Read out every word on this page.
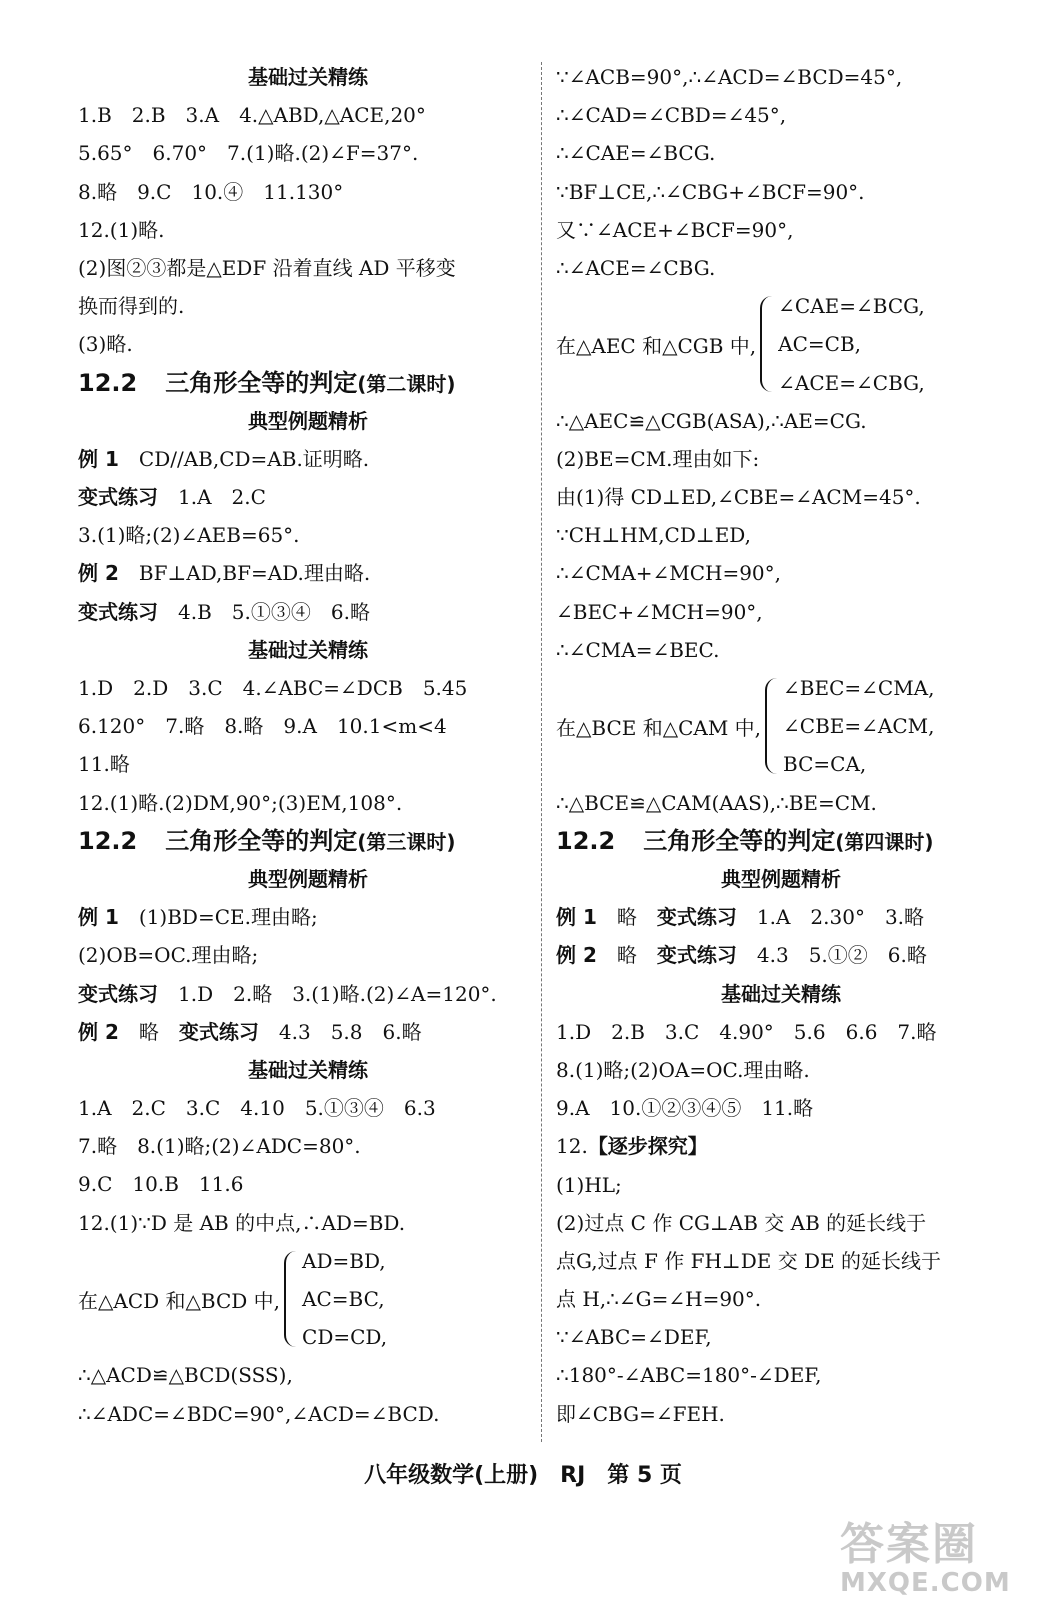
基础过关精练
1.B　2.B　3.A　4.△ABD,△ACE,20°
5.65°　6.70°　7.(1)略.(2)∠F=37°.
8.略　9.C　10.④　11.130°
12.(1)略.
(2)图②③都是△EDF 沿着直线 AD 平移变
换而得到的.
(3)略.
12.2 三角形全等的判定(第二课时)
典型例题精析
例 1　 CD//AB,CD=AB.证明略.
变式练习　 1.A　2.C
3.(1)略;(2)∠AEB=65°.
例 2　 BF⊥AD,BF=AD.理由略.
变式练习　 4.B　5.①③④　6.略
基础过关精练
1.D　2.D　3.C　4.∠ABC=∠DCB　5.45
6.120°　7.略　8.略　9.A　10.1<m<4
11.略
12.(1)略.(2)DM,90°;(3)EM,108°.
12.2 三角形全等的判定(第三课时)
典型例题精析
例 1　 (1)BD=CE.理由略;
(2)OB=OC.理由略;
变式练习　 1.D　2.略　3.(1)略.(2)∠A=120°.
例 2　 略　 变式练习　 4.3　5.8　6.略
基础过关精练
1.A　2.C　3.C　4.10　5.①③④　6.3
7.略　8.(1)略;(2)∠ADC=80°.
9.C　10.B　11.6
12.(1)∵D 是 AB 的中点,∴AD=BD.
在△ACD 和△BCD 中,
AD=BD,
AC=BC,
CD=CD,
∴△ACD≌△BCD(SSS),
∴∠ADC=∠BDC=90°,∠ACD=∠BCD.
∵∠ACB=90°,∴∠ACD=∠BCD=45°,
∴∠CAD=∠CBD=∠45°,
∴∠CAE=∠BCG.
∵BF⊥CE,∴∠CBG+∠BCF=90°.
又∵∠ACE+∠BCF=90°,
∴∠ACE=∠CBG.
在△AEC 和△CGB 中,
∠CAE=∠BCG,
AC=CB,
∠ACE=∠CBG,
∴△AEC≌△CGB(ASA),∴AE=CG.
(2)BE=CM.理由如下:
由(1)得 CD⊥ED,∠CBE=∠ACM=45°.
∵CH⊥HM,CD⊥ED,
∴∠CMA+∠MCH=90°,
∠BEC+∠MCH=90°,
∴∠CMA=∠BEC.
在△BCE 和△CAM 中,
∠BEC=∠CMA,
∠CBE=∠ACM,
BC=CA,
∴△BCE≌△CAM(AAS),∴BE=CM.
12.2 三角形全等的判定(第四课时)
典型例题精析
例 1　 略　 变式练习　 1.A　2.30°　3.略
例 2　 略　 变式练习　 4.3　5.①②　6.略
基础过关精练
1.D　2.B　3.C　4.90°　5.6　6.6　7.略
8.(1)略;(2)OA=OC.理由略.
9.A　10.①②③④⑤　11.略
12.【逐步探究】
(1)HL;
(2)过点 C 作 CG⊥AB 交 AB 的延长线于
点G,过点 F 作 FH⊥DE 交 DE 的延长线于
点 H,∴∠G=∠H=90°.
∵∠ABC=∠DEF,
∴180°-∠ABC=180°-∠DEF,
即∠CBG=∠FEH.
八年级数学(上册)　RJ　第 5 页
答案圈
MXQE.COM
